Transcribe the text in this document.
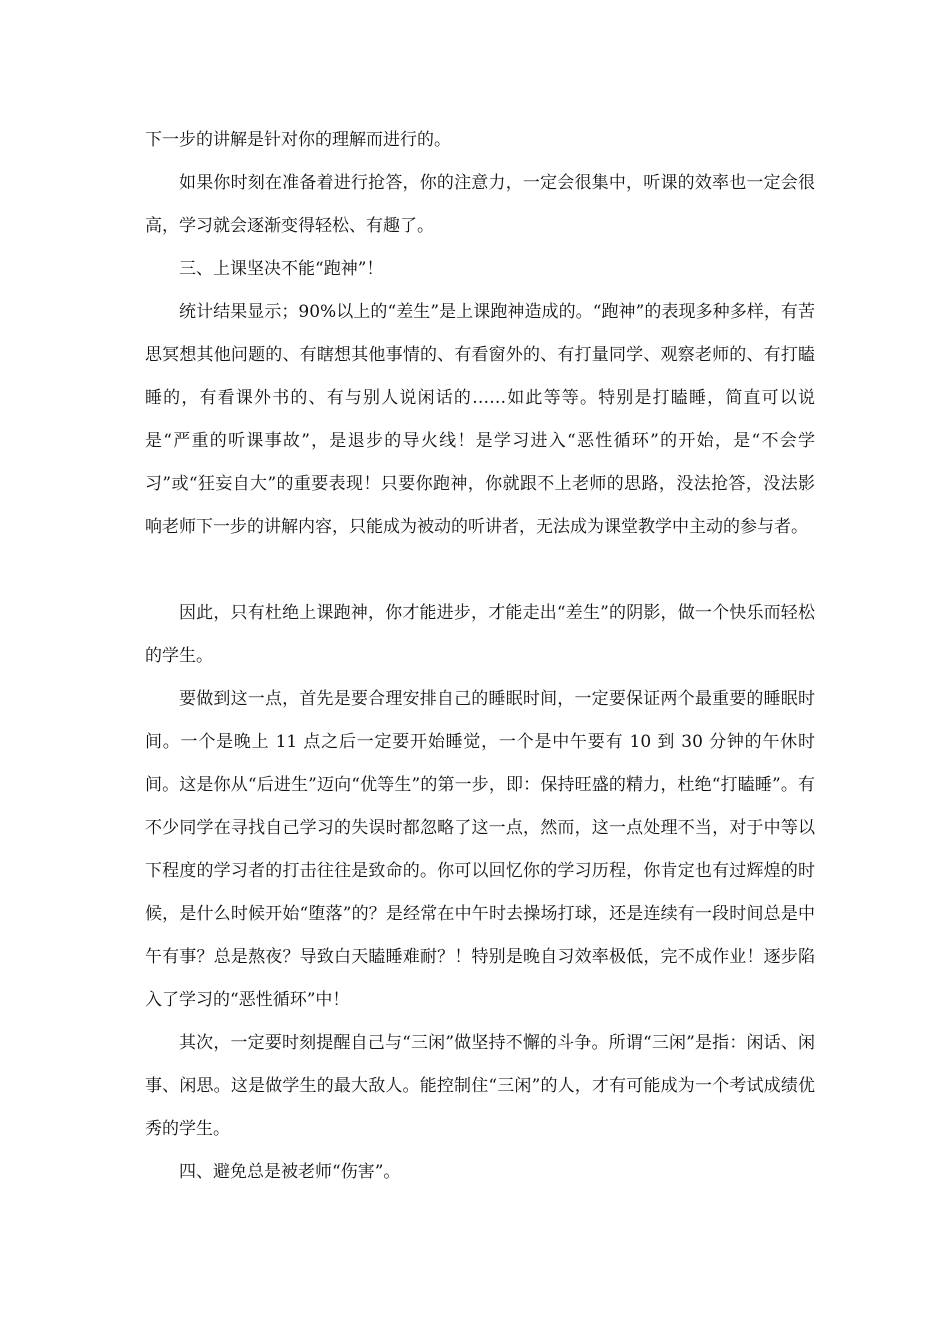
下一步的讲解是针对你的理解而进行的。

如果你时刻在准备着进行抢答，你的注意力，一定会很集中，听课的效率也一定会很高，学习就会逐渐变得轻松、有趣了。

三、上课坚决不能“跑神”！

统计结果显示；90%以上的“差生”是上课跑神造成的。“跑神”的表现多种多样，有苦思冥想其他问题的、有瞎想其他事情的、有看窗外的、有打量同学、观察老师的、有打瞌睡的，有看课外书的、有与别人说闲话的……如此等等。特别是打瞌睡，简直可以说是“严重的听课事故”，是退步的导火线！是学习进入“恶性循环”的开始，是“不会学习”或“狂妄自大”的重要表现！只要你跑神，你就跟不上老师的思路，没法抢答，没法影响老师下一步的讲解内容，只能成为被动的听讲者，无法成为课堂教学中主动的参与者。

因此，只有杜绝上课跑神，你才能进步，才能走出“差生”的阴影，做一个快乐而轻松的学生。

要做到这一点，首先是要合理安排自己的睡眠时间，一定要保证两个最重要的睡眠时间。一个是晚上 11 点之后一定要开始睡觉，一个是中午要有 10 到 30 分钟的午休时间。这是你从“后进生”迈向“优等生”的第一步，即：保持旺盛的精力，杜绝“打瞌睡”。有不少同学在寻找自己学习的失误时都忽略了这一点，然而，这一点处理不当，对于中等以下程度的学习者的打击往往是致命的。你可以回忆你的学习历程，你肯定也有过辉煌的时候，是什么时候开始“堕落”的？是经常在中午时去操场打球，还是连续有一段时间总是中午有事？总是熬夜？导致白天瞌睡难耐？！特别是晚自习效率极低，完不成作业！逐步陷入了学习的“恶性循环”中！

其次，一定要时刻提醒自己与“三闲”做坚持不懈的斗争。所谓“三闲”是指：闲话、闲事、闲思。这是做学生的最大敌人。能控制住“三闲”的人，才有可能成为一个考试成绩优秀的学生。

四、避免总是被老师“伤害”。
